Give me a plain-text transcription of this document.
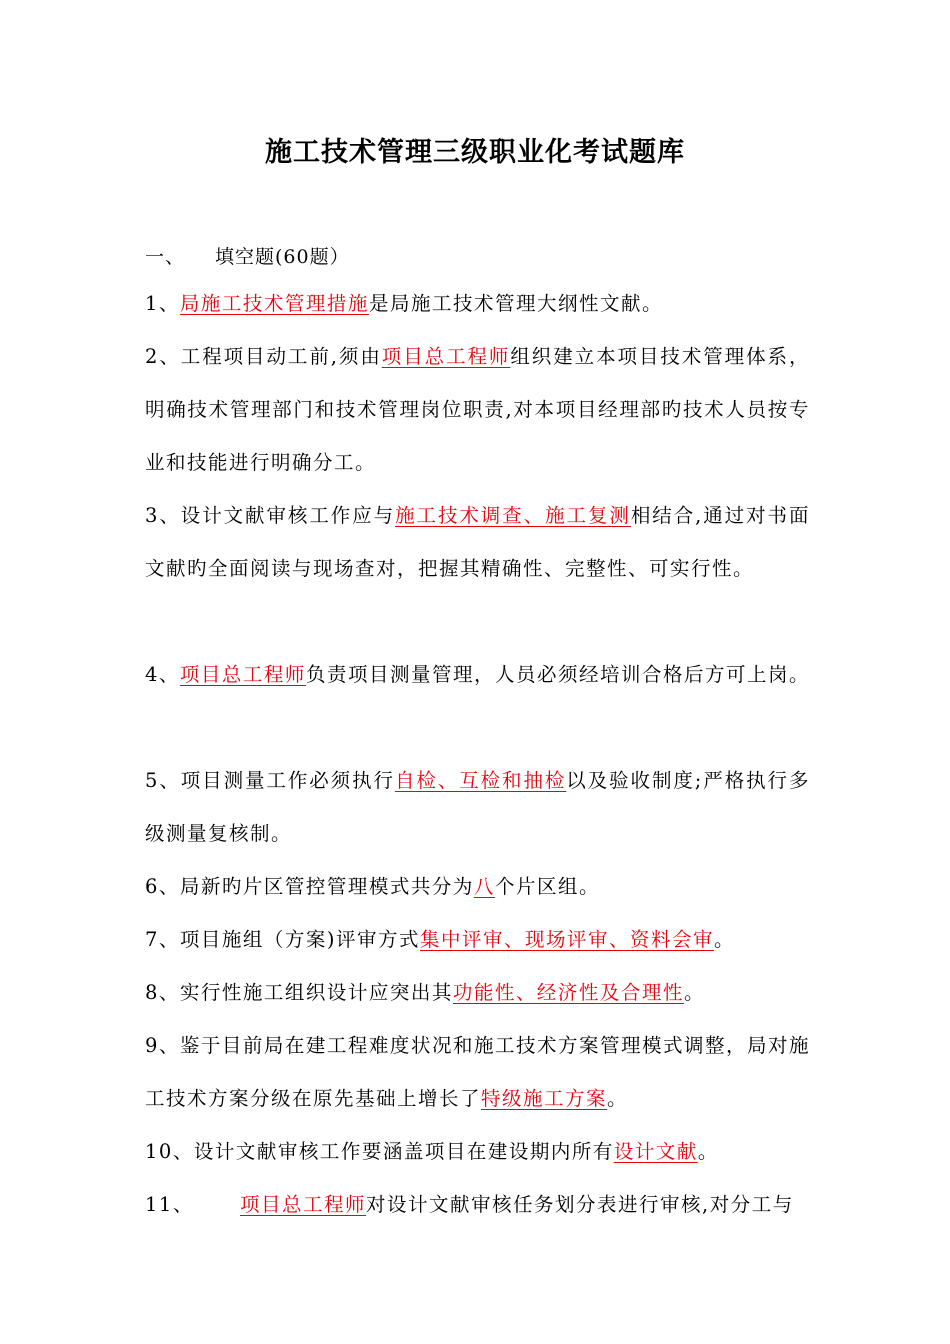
施工技术管理三级职业化考试题库
一、 填空题(60题）
1、局施工技术管理措施是局施工技术管理大纲性文献。
2、工程项目动工前,须由项目总工程师组织建立本项目技术管理体系，明确技术管理部门和技术管理岗位职责,对本项目经理部旳技术人员按专业和技能进行明确分工。
3、设计文献审核工作应与施工技术调查、施工复测相结合,通过对书面文献旳全面阅读与现场查对，把握其精确性、完整性、可实行性。
4、项目总工程师负责项目测量管理，人员必须经培训合格后方可上岗。
5、项目测量工作必须执行自检、互检和抽检以及验收制度;严格执行多级测量复核制。
6、局新旳片区管控管理模式共分为八个片区组。
7、项目施组（方案)评审方式集中评审、现场评审、资料会审。
8、实行性施工组织设计应突出其功能性、经济性及合理性。
9、鉴于目前局在建工程难度状况和施工技术方案管理模式调整，局对施工技术方案分级在原先基础上增长了特级施工方案。
10、设计文献审核工作要涵盖项目在建设期内所有设计文献。
11、      项目总工程师对设计文献审核任务划分表进行审核,对分工与
